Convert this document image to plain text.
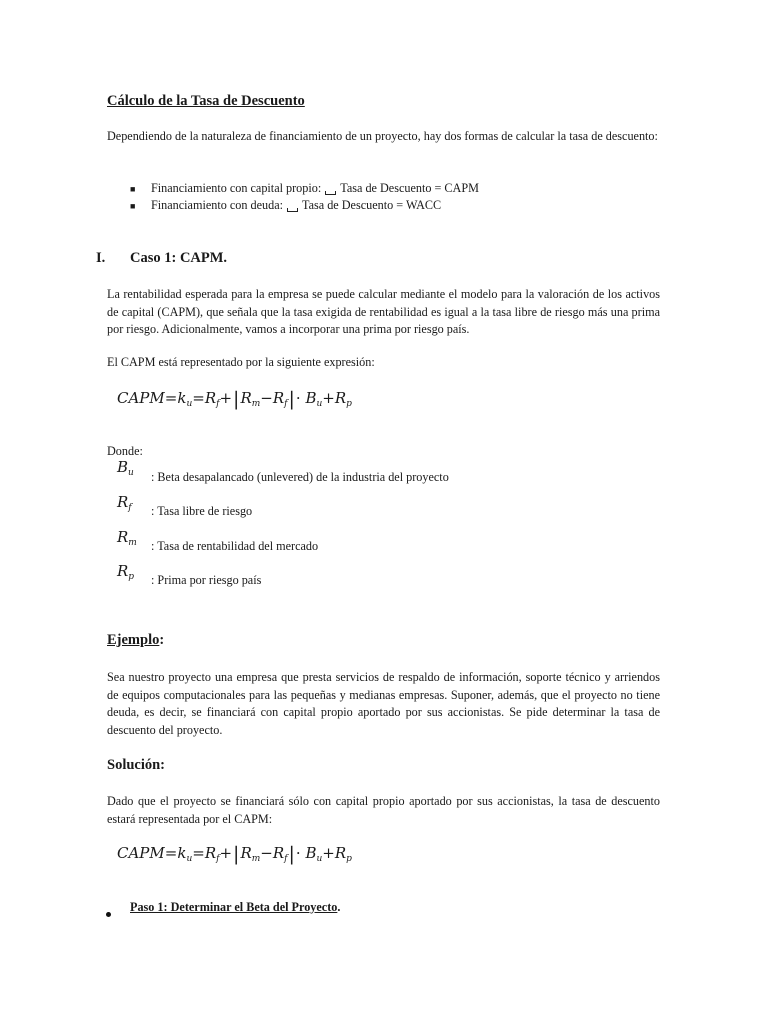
Cálculo de la Tasa de Descuento
Dependiendo de la naturaleza de financiamiento de un proyecto, hay dos formas de calcular la tasa de descuento:
■ Financiamiento con capital propio: Tasa de Descuento = CAPM
■ Financiamiento con deuda: Tasa de Descuento = WACC
I. Caso 1: CAPM.
La rentabilidad esperada para la empresa se puede calcular mediante el modelo para la valoración de los activos de capital (CAPM), que señala que la tasa exigida de rentabilidad es igual a la tasa libre de riesgo más una prima por riesgo. Adicionalmente, vamos a incorporar una prima por riesgo país.
El CAPM está representado por la siguiente expresión:
$CAPM=k_u=R_f+|R_m-R_f|\cdot B_u+R_p$
Donde:
$B_u$ : Beta desapalancado (unlevered) de la industria del proyecto
$R_f$ : Tasa libre de riesgo
$R_m$ : Tasa de rentabilidad del mercado
$R_p$ : Prima por riesgo país
Ejemplo:
Sea nuestro proyecto una empresa que presta servicios de respaldo de información, soporte técnico y arriendos de equipos computacionales para las pequeñas y medianas empresas. Suponer, además, que el proyecto no tiene deuda, es decir, se financiará con capital propio aportado por sus accionistas. Se pide determinar la tasa de descuento del proyecto.
Solución:
Dado que el proyecto se financiará sólo con capital propio aportado por sus accionistas, la tasa de descuento estará representada por el CAPM:
$CAPM=k_u=R_f+|R_m-R_f|\cdot B_u+R_p$
Paso 1: Determinar el Beta del Proyecto.
